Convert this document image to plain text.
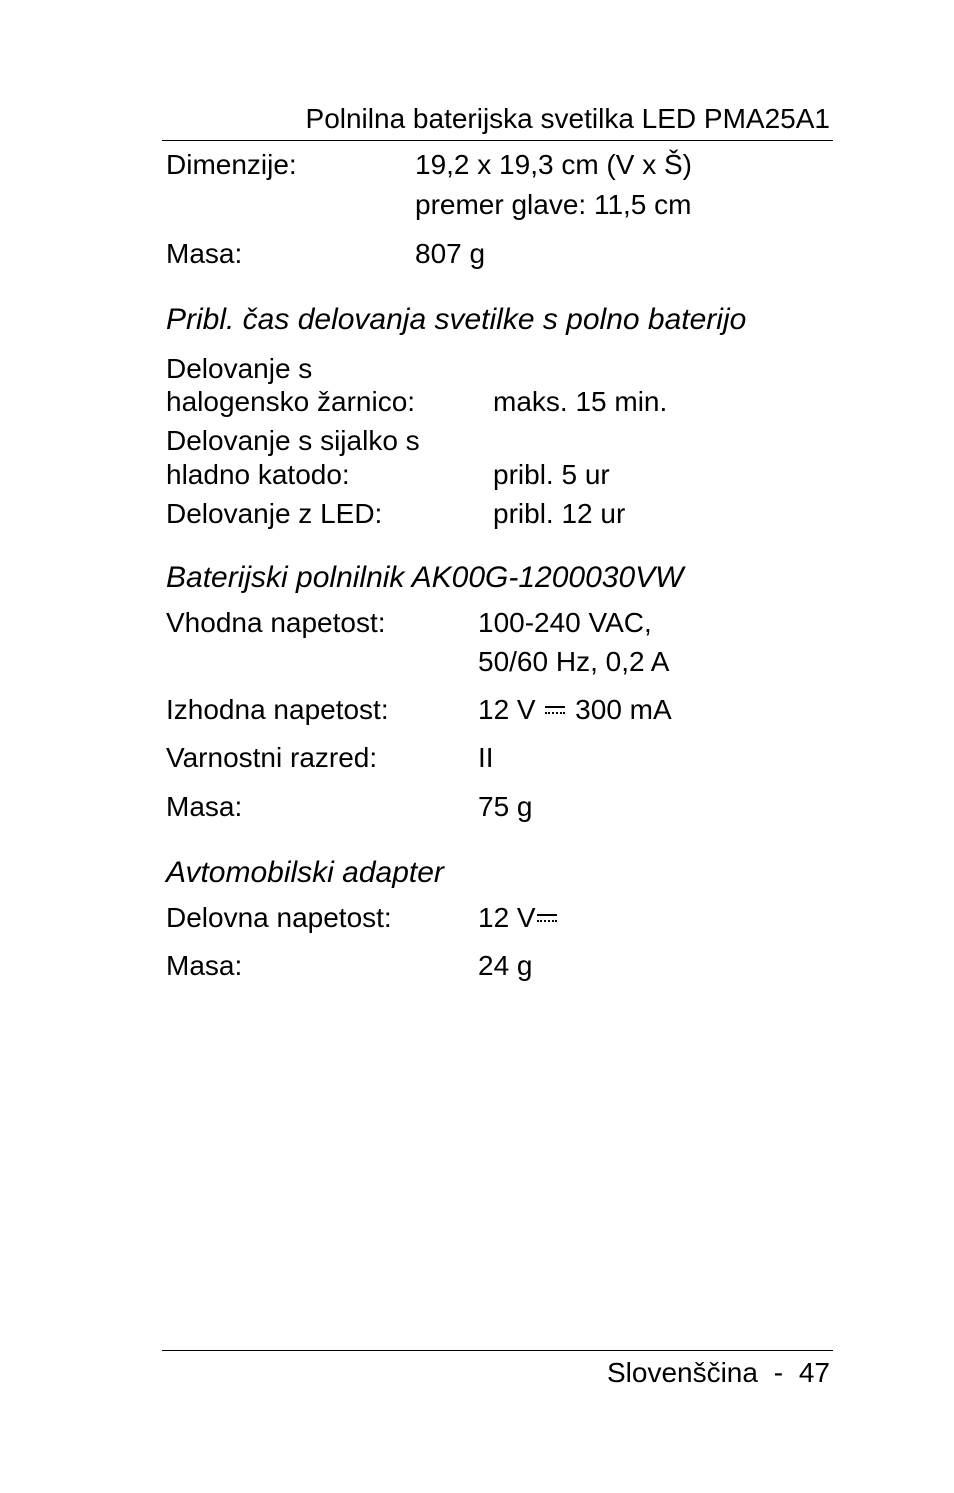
Polnilna baterijska svetilka LED PMA25A1
Dimenzije:	19,2 x 19,3 cm (V x Š)
premer glave: 11,5 cm
Masa:	807 g
Pribl. čas delovanja svetilke s polno baterijo
Delovanje s
halogensko žarnico:	maks. 15 min.
Delovanje s sijalko s
hladno katodo:	pribl. 5 ur
Delovanje z LED:	pribl. 12 ur
Baterijski polnilnik AK00G-1200030VW
Vhodna napetost:	100-240 VAC,
50/60 Hz, 0,2 A
Izhodna napetost:	12 V 300 mA
Varnostni razred:	II
Masa:	75 g
Avtomobilski adapter
Delovna napetost:	12 V
Masa:	24 g
Slovenščina - 47
